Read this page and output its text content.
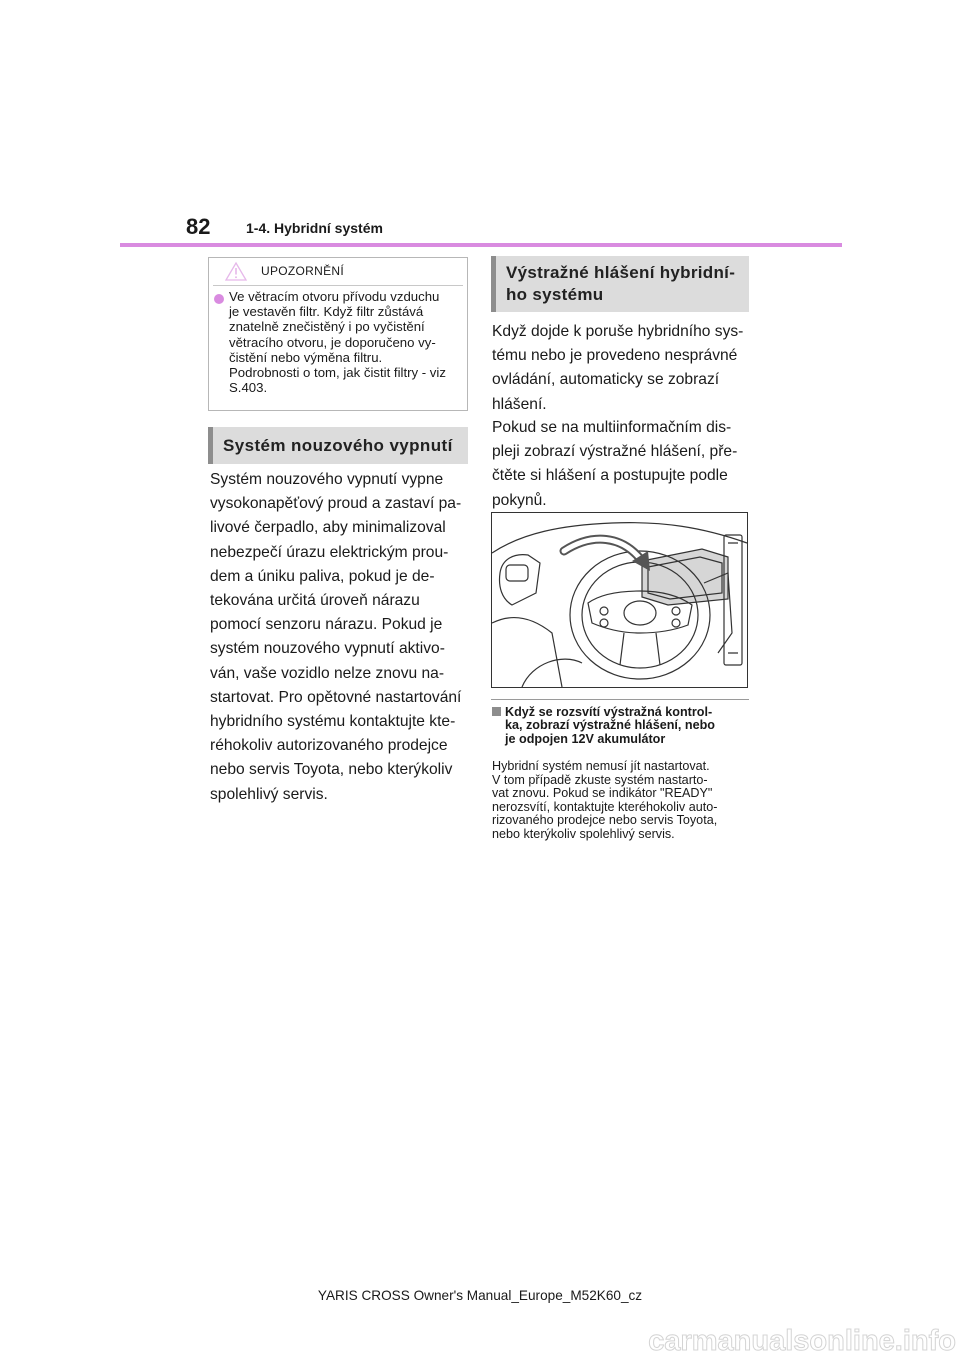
82	1-4. Hybridní systém
UPOZORNĚNÍ
Ve větracím otvoru přívodu vzduchu
je vestavěn filtr. Když filtr zůstává
znatelně znečistěný i po vyčistění
větracího otvoru, je doporučeno vy-
čistění nebo výměna filtru.
Podrobnosti o tom, jak čistit filtry - viz
S.403.
Systém nouzového vypnutí
Systém nouzového vypnutí vypne
vysokonapěťový proud a zastaví pa-
livové čerpadlo, aby minimalizoval
nebezpečí úrazu elektrickým prou-
dem a úniku paliva, pokud je de-
tekována určitá úroveň nárazu
pomocí senzoru nárazu. Pokud je
systém nouzového vypnutí aktivo-
ván, vaše vozidlo nelze znovu na-
startovat. Pro opětovné nastartování
hybridního systému kontaktujte kte-
réhokoliv autorizovaného prodejce
nebo servis Toyota, nebo kterýkoliv
spolehlivý servis.
Výstražné hlášení hybridní-
ho systému
Když dojde k poruše hybridního sys-
tému nebo je provedeno nesprávné
ovládání, automaticky se zobrazí
hlášení.
Pokud se na multiinformačním dis-
pleji zobrazí výstražné hlášení, pře-
čtěte si hlášení a postupujte podle
pokynů.
Když se rozsvítí výstražná kontrol-
ka, zobrazí výstražné hlášení, nebo
je odpojen 12V akumulátor
Hybridní systém nemusí jít nastartovat.
V tom případě zkuste systém nastarto-
vat znovu. Pokud se indikátor "READY"
nerozsvítí, kontaktujte kteréhokoliv auto-
rizovaného prodejce nebo servis Toyota,
nebo kterýkoliv spolehlivý servis.
YARIS CROSS Owner's Manual_Europe_M52K60_cz
carmanualsonline.info
